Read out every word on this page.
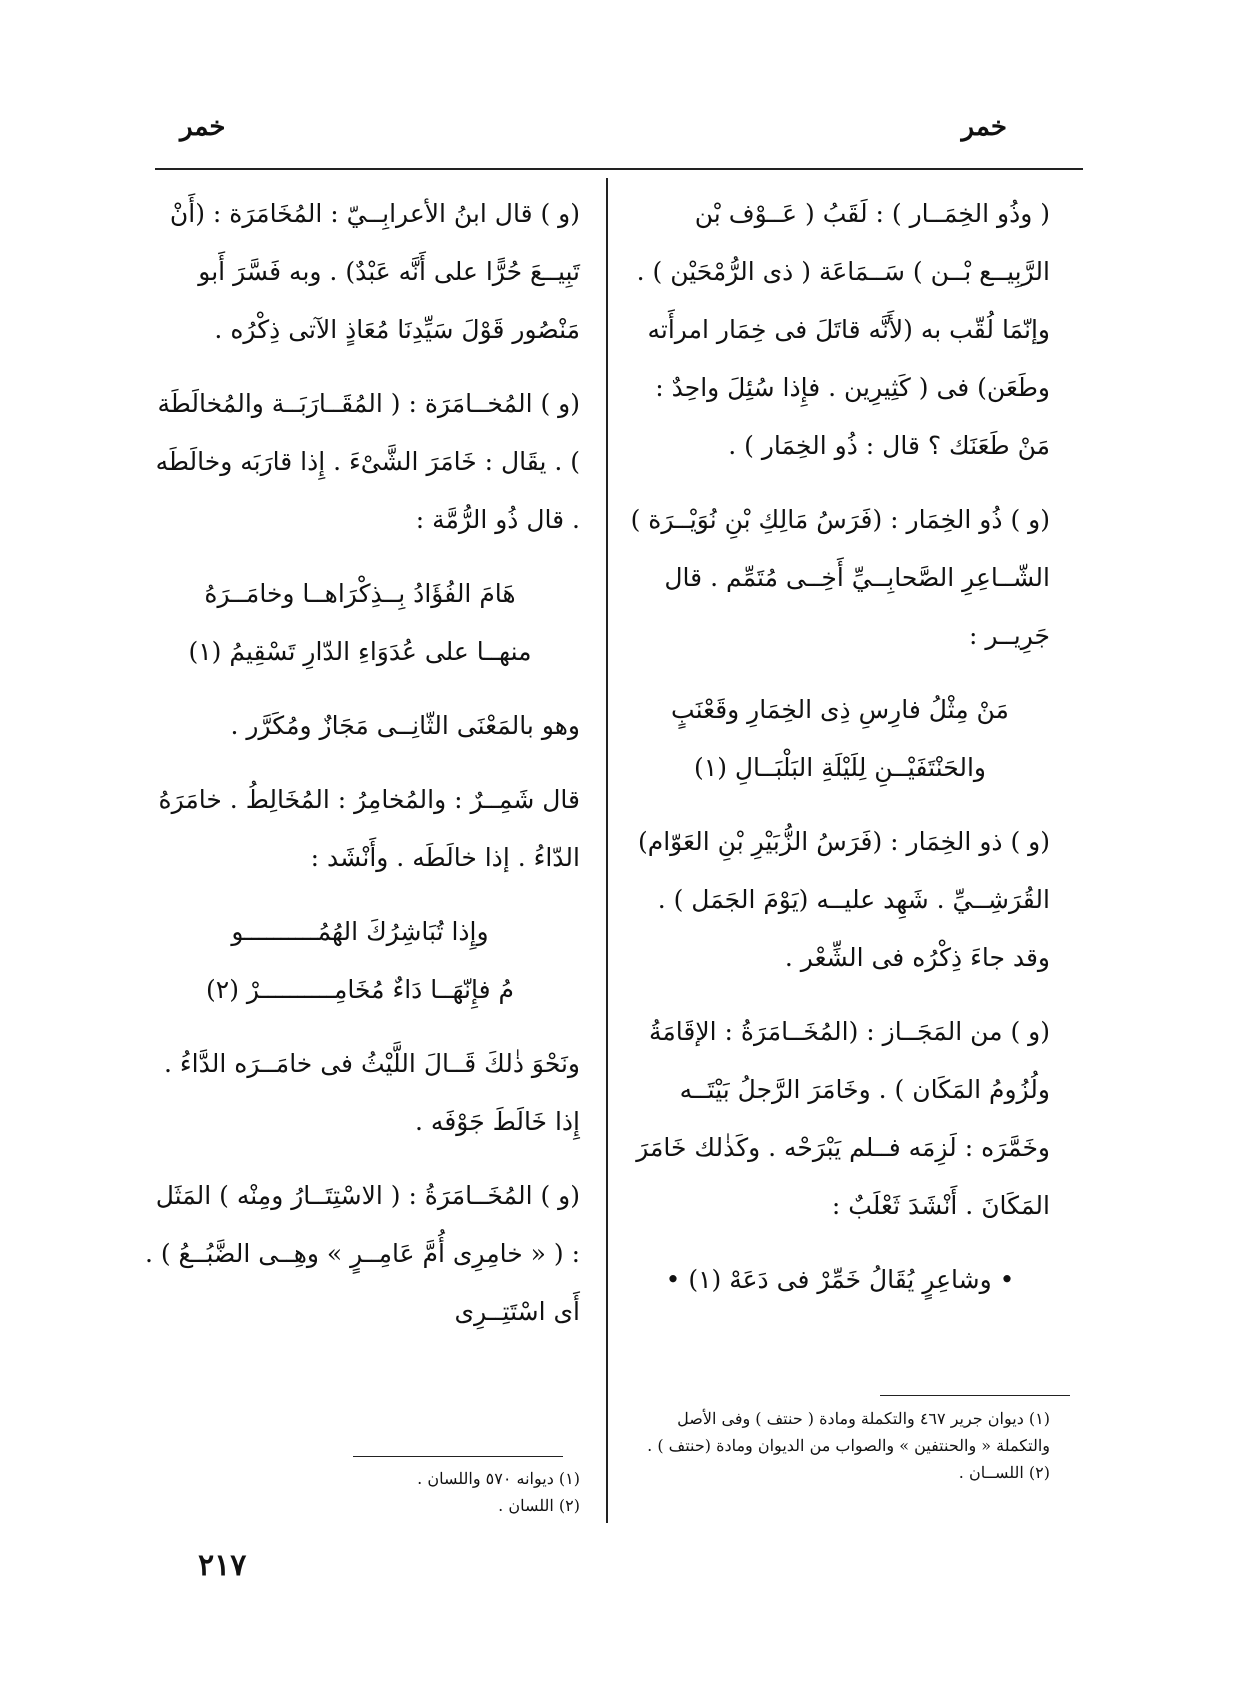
خمر
خمر

( وذُو الخِمَــار ) : لَقَبُ ( عَــوْف بْن الرَّبِيــع بْــن ) سَــمَاعَة ( ذى الرُّمْحَيْن ) . وإنّمَا لُقّب به (لأَنَّه قاتَلَ فى خِمَار امرأَته وطَعَن) فى ( كَثِيرِين . فإِذا سُئِلَ واحِدٌ : مَنْ طَعَنَك ؟ قال : ذُو الخِمَار ) .

(و ) ذُو الخِمَار : (فَرَسُ مَالِكِ بْنِ نُوَيْــرَة ) الشّــاعِرِ الصَّحابِــيِّ أَخِــى مُتَمِّم . قال جَرِيــر :

مَنْ مِثْلُ فارِسِ ذِى الخِمَارِ وقَعْنَبٍ
والحَنْتَفَيْــنِ لِلَيْلَةِ البَلْبَــالِ (١)

(و ) ذو الخِمَار : (فَرَسُ الزُّبَيْرِ بْنِ العَوّام) القُرَشِــيِّ . شَهِد عليــه (يَوْمَ الجَمَل ) . وقد جاءَ ذِكْرُه فى الشِّعْر .

(و ) من المَجَــاز : (المُخَــامَرَةُ : الإقَامَةُ ولُزُومُ المَكَان ) . وخَامَرَ الرَّجلُ بَيْتَــه وخَمَّرَه : لَزِمَه فــلم يَبْرَحْه . وكَذٰلك خَامَرَ المَكَانَ . أَنْشَدَ ثَعْلَبٌ :

• وشاعِرٍ يُقَالُ خَمِّرْ فى دَعَهْ (١) •

(و ) قال ابنُ الأعرابِــيّ : المُخَامَرَة : (أَنْ تَبِيــعَ حُرًّا على أَنَّه عَبْدٌ) . وبه فَسَّرَ أَبو مَنْصُور قَوْلَ سَيِّدِنَا مُعَاذٍ الآتى ذِكْرُه .

(و ) المُخــامَرَة : ( المُقَــارَبَــة والمُخالَطَة ) . يقَال : خَامَرَ الشَّىْءَ . إِذا قارَبَه وخالَطَه . قال ذُو الرُّمَّة :

هَامَ الفُؤَادُ بِــذِكْرَاهــا وخامَــرَهُ
منهــا على عُدَوَاءِ الدّارِ تَسْقِيمُ (١)

وهو بالمَعْنَى الثّانِــى مَجَازٌ ومُكَرَّر .

قال شَمِــرٌ : والمُخامِرُ : المُخَالِطُ . خامَرَهُ الدّاءُ . إذا خالَطَه . وأَنْشَد :

وإِذا تُبَاشِرُكَ الهُمُــــــــــو
مُ فإِنّهَــا دَاءٌ مُخَامِــــــــــرْ (٢)

ونَحْوَ ذٰلكَ قَــالَ اللَّيْثُ فى خامَــرَه الدَّاءُ . إِذا خَالَطَ جَوْفَه .

(و ) المُخَــامَرَةُ : ( الاسْتِتَــارُ ومِنْه ) المَثَل : ( « خامِرِى أُمَّ عَامِــرٍ » وهِــى الضَّبُــعُ ) . أَى اسْتَتِــرِى

(١) ديوان جرير ٤٦٧ والتكملة ومادة ( حنتف ) وفى الأصل والتكملة « والحنتفين » والصواب من الديوان ومادة (حنتف ) .
(٢) اللســان .
(١) ديوانه ٥٧٠ واللسان .
(٢) اللسان .
٢١٧
